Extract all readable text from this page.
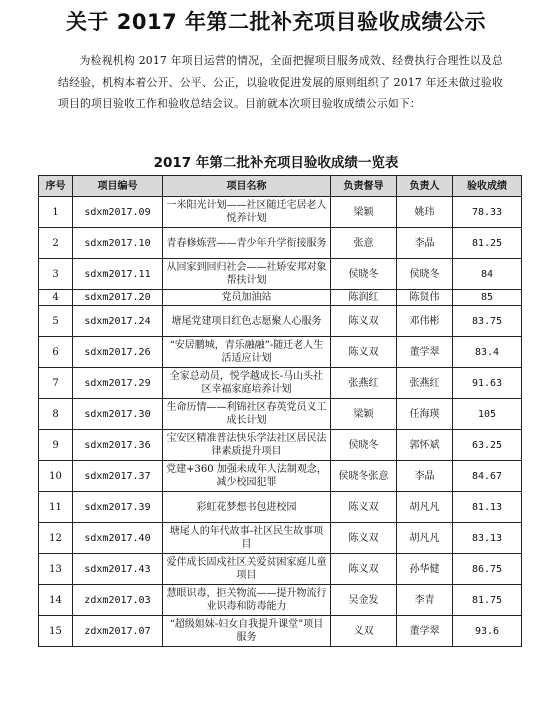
关于 2017 年第二批补充项目验收成绩公示
为检视机构 2017 年项目运营的情况，全面把握项目服务成效、经费执行合理性以及总结经验，机构本着公开、公平、公正，以验收促进发展的原则组织了 2017 年还未做过验收项目的项目验收工作和验收总结会议。目前就本次项目验收成绩公示如下：
2017 年第二批补充项目验收成绩一览表
序号	项目编号	项目名称	负责督导	负责人	验收成绩
1	sdxm2017.09	一米阳光计划——社区随迁宅居老人悦养计划	梁颖	姚玮	78.33
2	sdxm2017.10	青春修炼营——青少年升学衔接服务	张意	李晶	81.25
3	sdxm2017.11	从回家到回归社会——社矫安邦对象帮扶计划	侯晓冬	侯晓冬	84
4	sdxm2017.20	党员加油站	陈润红	陈贤伟	85
5	sdxm2017.24	塘尾党建项目红色志愿聚人心服务	陈义双	邓伟彬	83.75
6	sdxm2017.26	“安居鹏城，青乐融融”-随迁老人生活适应计划	陈义双	董学翠	83.4
7	sdxm2017.29	全家总动员，悦学越成长-马山头社区幸福家庭培养计划	张燕红	张燕红	91.63
8	sdxm2017.30	生命历情——利锦社区春英党员义工成长计划	梁颖	任海瑛	105
9	sdxm2017.36	宝安区精准普法快乐学法社区居民法律素质提升项目	侯晓冬	郭怀斌	63.25
10	sdxm2017.37	党建+360 加强未成年人法制观念，减少校园犯罪	侯晓冬张意	李晶	84.67
11	sdxm2017.39	彩虹花梦想书包进校园	陈义双	胡凡凡	81.13
12	sdxm2017.40	塘尾人的年代故事-社区民生故事项目	陈义双	胡凡凡	83.13
13	sdxm2017.43	爱伴成长固戍社区关爱贫困家庭儿童项目	陈义双	孙华健	86.75
14	zdxm2017.03	慧眼识毒，拒关物流——提升物流行业识毒和防毒能力	吴金发	李青	81.75
15	zdxm2017.07	“超级姐妹-妇女自我提升课堂”项目服务	义双	董学翠	93.6
